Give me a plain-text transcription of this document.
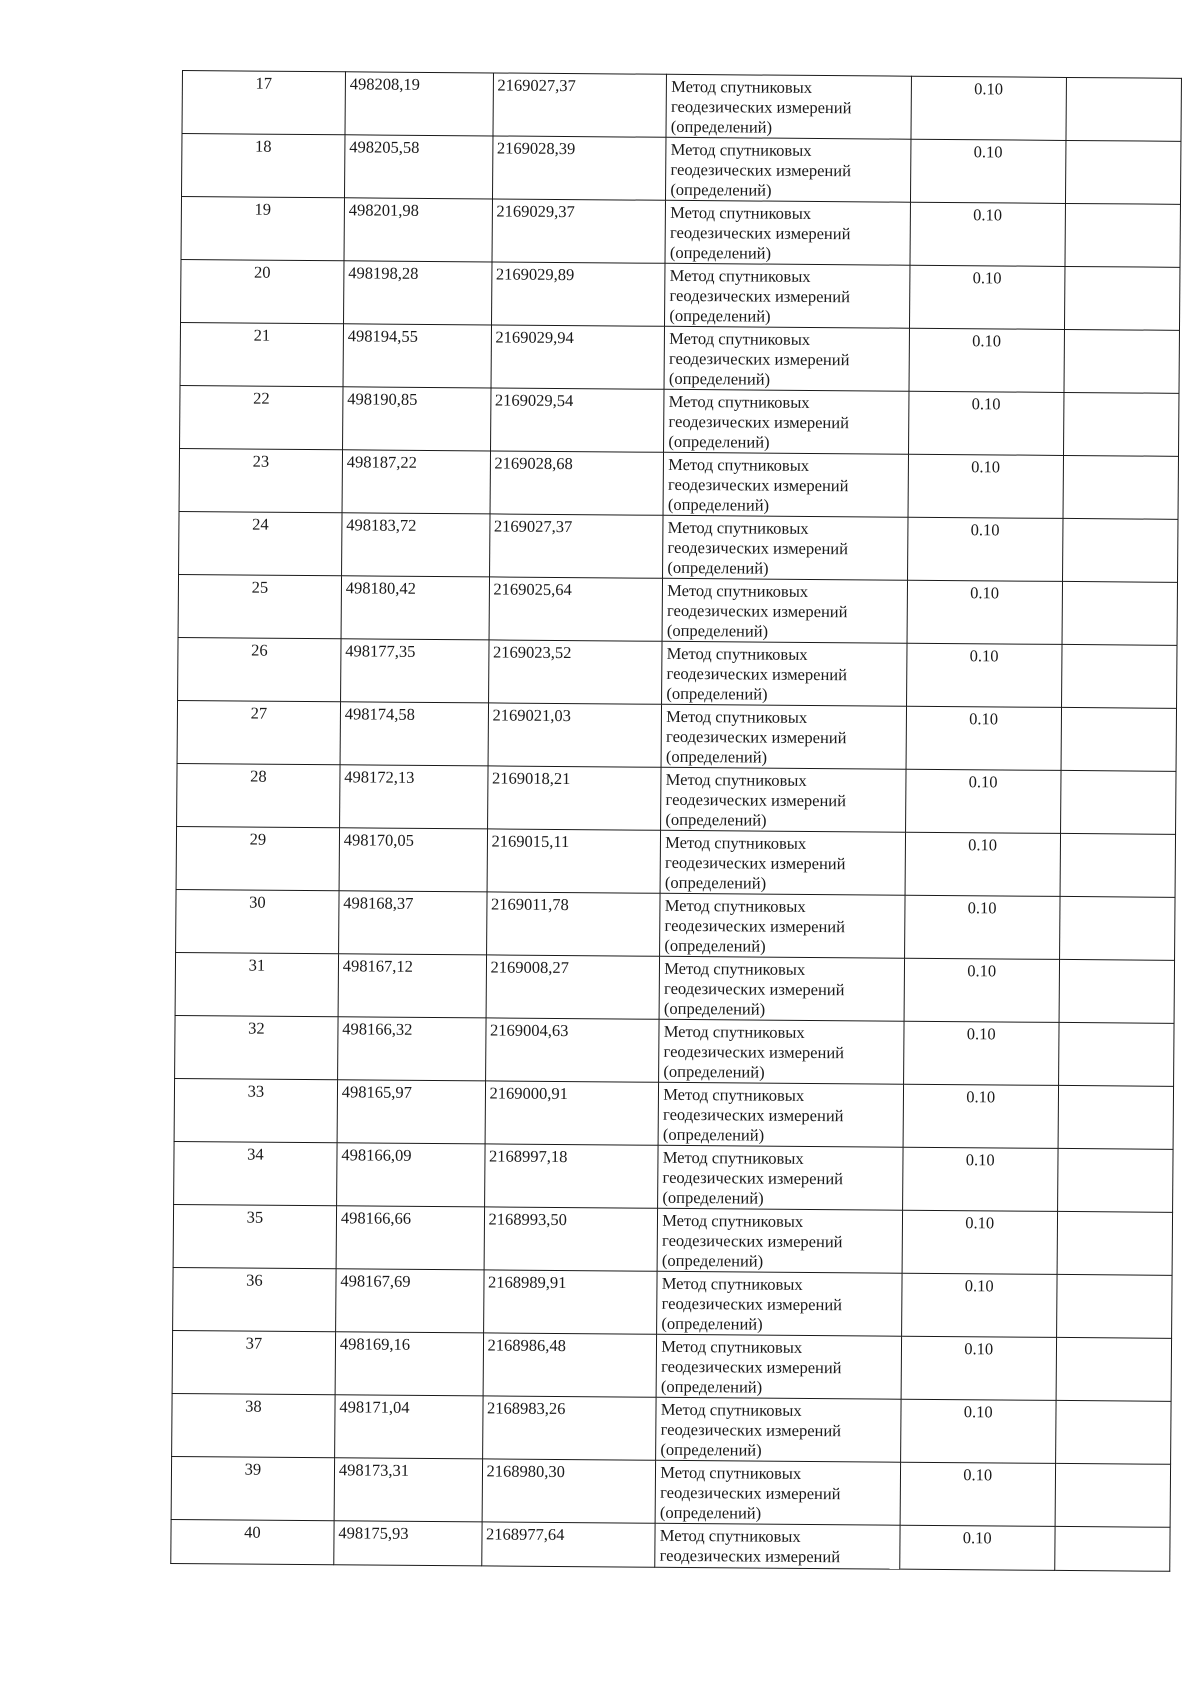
17	498208,19	2169027,37	Метод спутниковых
геодезических измерений
(определений)	0.10	
18	498205,58	2169028,39	Метод спутниковых
геодезических измерений
(определений)	0.10	
19	498201,98	2169029,37	Метод спутниковых
геодезических измерений
(определений)	0.10	
20	498198,28	2169029,89	Метод спутниковых
геодезических измерений
(определений)	0.10	
21	498194,55	2169029,94	Метод спутниковых
геодезических измерений
(определений)	0.10	
22	498190,85	2169029,54	Метод спутниковых
геодезических измерений
(определений)	0.10	
23	498187,22	2169028,68	Метод спутниковых
геодезических измерений
(определений)	0.10	
24	498183,72	2169027,37	Метод спутниковых
геодезических измерений
(определений)	0.10	
25	498180,42	2169025,64	Метод спутниковых
геодезических измерений
(определений)	0.10	
26	498177,35	2169023,52	Метод спутниковых
геодезических измерений
(определений)	0.10	
27	498174,58	2169021,03	Метод спутниковых
геодезических измерений
(определений)	0.10	
28	498172,13	2169018,21	Метод спутниковых
геодезических измерений
(определений)	0.10	
29	498170,05	2169015,11	Метод спутниковых
геодезических измерений
(определений)	0.10	
30	498168,37	2169011,78	Метод спутниковых
геодезических измерений
(определений)	0.10	
31	498167,12	2169008,27	Метод спутниковых
геодезических измерений
(определений)	0.10	
32	498166,32	2169004,63	Метод спутниковых
геодезических измерений
(определений)	0.10	
33	498165,97	2169000,91	Метод спутниковых
геодезических измерений
(определений)	0.10	
34	498166,09	2168997,18	Метод спутниковых
геодезических измерений
(определений)	0.10	
35	498166,66	2168993,50	Метод спутниковых
геодезических измерений
(определений)	0.10	
36	498167,69	2168989,91	Метод спутниковых
геодезических измерений
(определений)	0.10	
37	498169,16	2168986,48	Метод спутниковых
геодезических измерений
(определений)	0.10	
38	498171,04	2168983,26	Метод спутниковых
геодезических измерений
(определений)	0.10	
39	498173,31	2168980,30	Метод спутниковых
геодезических измерений
(определений)	0.10	
40	498175,93	2168977,64	Метод спутниковых
геодезических измерений	0.10	
